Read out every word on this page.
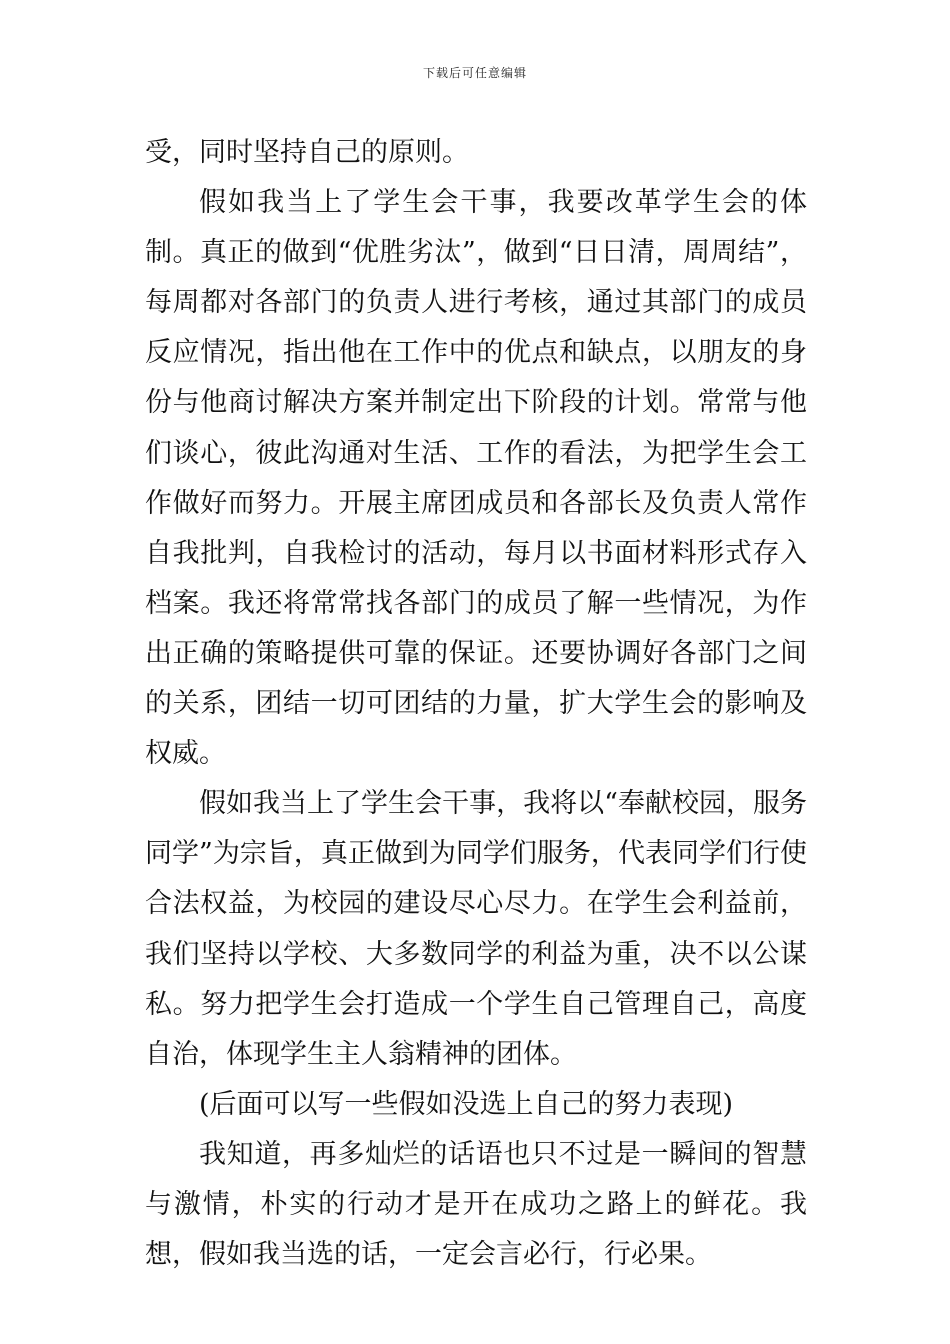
下载后可任意编辑

受，同时坚持自己的原则。

假如我当上了学生会干事，我要改革学生会的体制。真正的做到“优胜劣汰”，做到“日日清，周周结”，每周都对各部门的负责人进行考核，通过其部门的成员反应情况，指出他在工作中的优点和缺点，以朋友的身份与他商讨解决方案并制定出下阶段的计划。常常与他们谈心，彼此沟通对生活、工作的看法，为把学生会工作做好而努力。开展主席团成员和各部长及负责人常作自我批判，自我检讨的活动，每月以书面材料形式存入档案。我还将常常找各部门的成员了解一些情况，为作出正确的策略提供可靠的保证。还要协调好各部门之间的关系，团结一切可团结的力量，扩大学生会的影响及权威。

假如我当上了学生会干事，我将以“奉献校园，服务同学”为宗旨，真正做到为同学们服务，代表同学们行使合法权益，为校园的建设尽心尽力。在学生会利益前，我们坚持以学校、大多数同学的利益为重，决不以公谋私。努力把学生会打造成一个学生自己管理自己，高度自治，体现学生主人翁精神的团体。

(后面可以写一些假如没选上自己的努力表现)

我知道，再多灿烂的话语也只不过是一瞬间的智慧与激情，朴实的行动才是开在成功之路上的鲜花。我想，假如我当选的话，一定会言必行，行必果。
